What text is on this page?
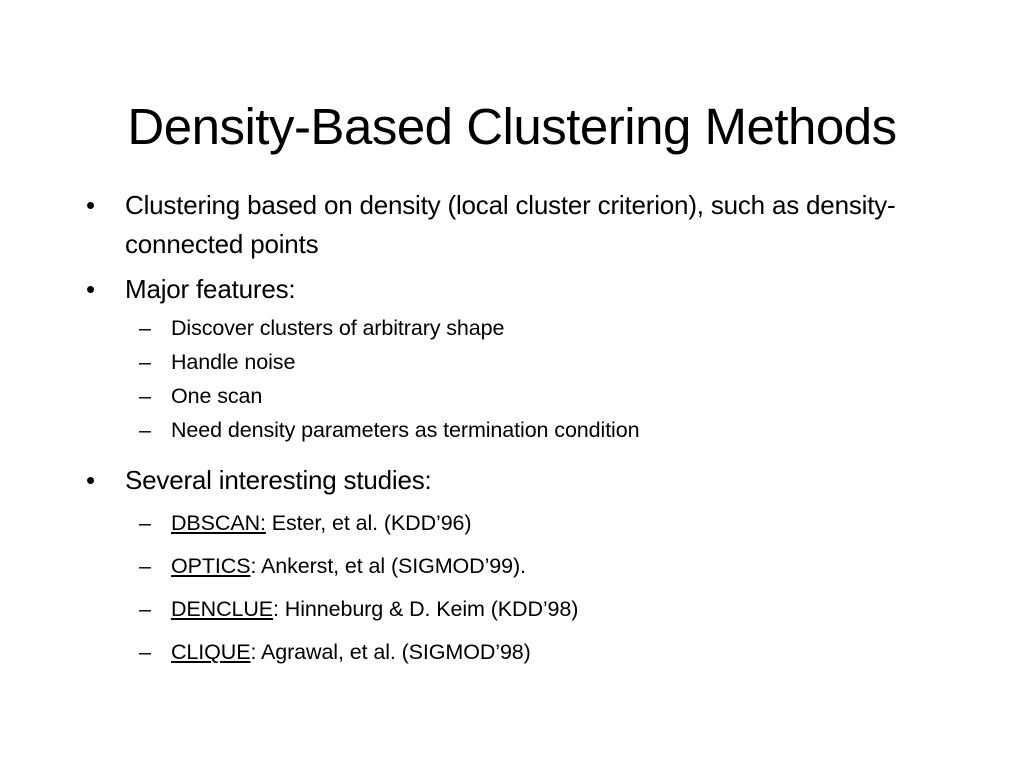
Density-Based Clustering Methods
• Clustering based on density (local cluster criterion), such as density-connected points
• Major features:
– Discover clusters of arbitrary shape
– Handle noise
– One scan
– Need density parameters as termination condition
• Several interesting studies:
– DBSCAN: Ester, et al. (KDD’96)
– OPTICS: Ankerst, et al (SIGMOD’99).
– DENCLUE: Hinneburg & D. Keim (KDD’98)
– CLIQUE: Agrawal, et al. (SIGMOD’98)
